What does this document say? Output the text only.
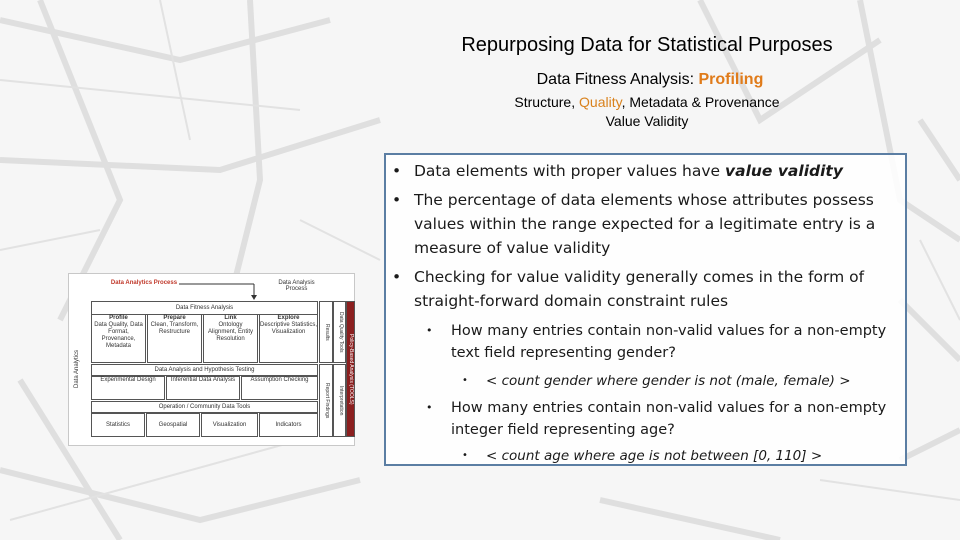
Repurposing Data for Statistical Purposes
Data Fitness Analysis: Profiling
Structure, Quality, Metadata & Provenance
Value Validity
• Data elements with proper values have value validity
• The percentage of data elements whose attributes possess values within the range expected for a legitimate entry is a measure of value validity
• Checking for value validity generally comes in the form of straight-forward domain constraint rules
• How many entries contain non-valid values for a non-empty text field representing gender?
• < count gender where gender is not (male, female) >
• How many entries contain non-valid values for a non-empty integer field representing age?
• < count age where age is not between [0, 110] >
Data Analytics Process	Data Analysis Process
Data Fitness Analysis
Profile
Data Quality, Data Format, Provenance, Metadata
Prepare
Clean, Transform, Restructure
Link
Ontology Alignment, Entity Resolution
Explore
Descriptive Statistics, Visualization
Data Analysis and Hypothesis Testing
Experimental Design	Inferential Data Analysis	Assumption Checking
Operation / Community Data Tools
Statistics	Geospatial	Visualization	Indicators
Data Analytics
Results
Report Findings
Data Quality Tools
Interpretation Policy-Based Analysis (TOOLS)
